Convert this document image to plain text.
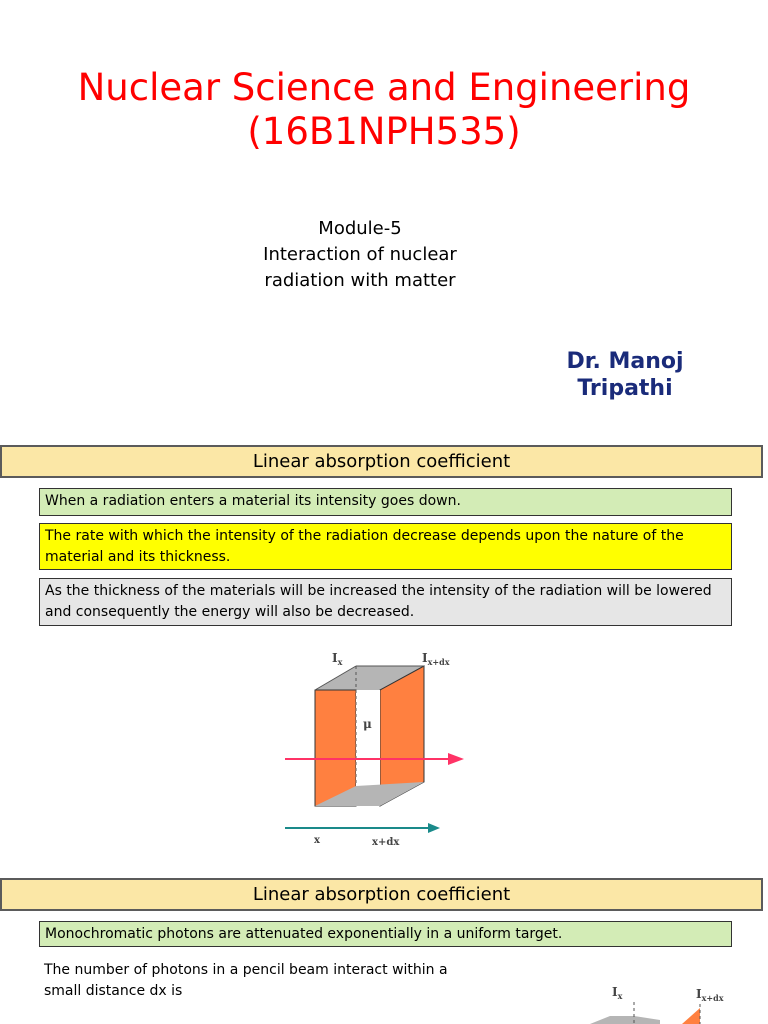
Nuclear Science and Engineering
(16B1NPH535)
Module-5
Interaction of nuclear
radiation with matter
Dr. Manoj
Tripathi
Linear absorption coefficient
When a radiation enters a material its intensity goes down.
The rate with which the intensity of the radiation decrease depends upon the nature of the material and its thickness.
As the thickness of the materials will be increased the intensity of the radiation will be lowered and consequently the energy will also be decreased.
$I_x$	$I_{x+dx}$
μ
x	x+dx
Linear absorption coefficient
Monochromatic photons are attenuated exponentially in a uniform target.
The number of photons in a pencil beam interact within a small distance dx is	$I_x$	$I_{x+dx}$
